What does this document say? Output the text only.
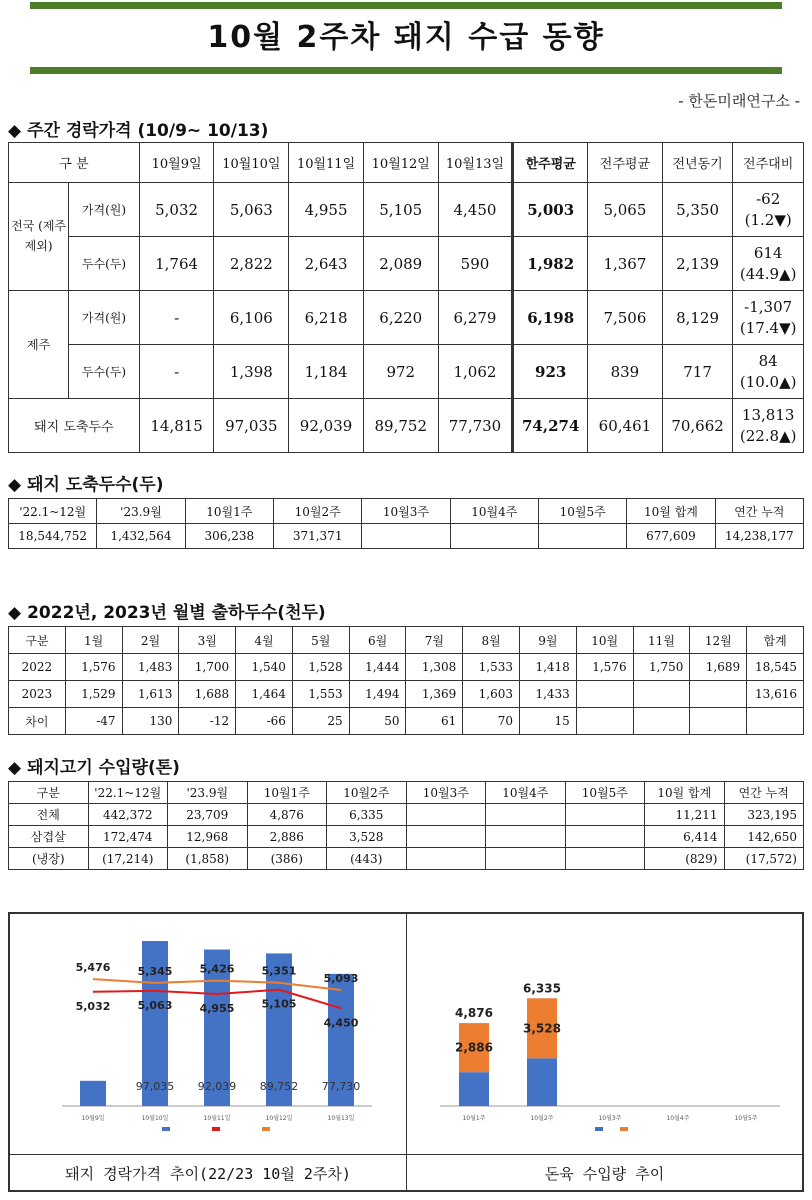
10월 2주차 돼지 수급 동향
- 한돈미래연구소 -
◆ 주간 경락가격 (10/9~ 10/13)
구 분		10월9일	10월10일	10월11일	10월12일	10월13일	한주평균	전주평균	전년동기	전주대비
전국 (제주 제외)	가격(원)	5,032	5,063	4,955	5,105	4,450	5,003	5,065	5,350	-62
(1.2▼)

	두수(두)	1,764	2,822	2,643	2,089	590	1,982	1,367	2,139	614
(44.9▲)

제주	가격(원)	-	6,106	6,218	6,220	6,279	6,198	7,506	8,129	-1,307
(17.4▼)

	두수(두)	-	1,398	1,184	972	1,062	923	839	717	84
(10.0▲)

돼지 도축두수		14,815	97,035	92,039	89,752	77,730	74,274	60,461	70,662	13,813
(22.8▲)
◆ 돼지 도축두수(두)
'22.1~12월	'23.9월	10월1주	10월2주	10월3주	10월4주	10월5주	10월 합계	연간 누적
18,544,752	1,432,564	306,238	371,371				677,609	14,238,177
◆ 2022년, 2023년 월별 출하두수(천두)
구분	1월	2월	3월	4월	5월	6월	7월	8월	9월	10월	11월	12월	합계
2022	1,576	1,483	1,700	1,540	1,528	1,444	1,308	1,533	1,418	1,576	1,750	1,689	18,545
2023	1,529	1,613	1,688	1,464	1,553	1,494	1,369	1,603	1,433				13,616
차이	-47	130	-12	-66	25	50	61	70	15				
◆ 돼지고기 수입량(톤)
구분	'22.1~12월	'23.9월	10월1주	10월2주	10월3주	10월4주	10월5주	10월 합계	연간 누적
전체	442,372	23,709	4,876	6,335				11,211	323,195
삼겹살	172,474	12,968	2,886	3,528				6,414	142,650
(냉장)	(17,214)	(1,858)	(386)	(443)				(829)	(17,572)
10월9일
97,035
10월10일
92,039
10월11일
89,752
10월12일
77,730
10월13일
5,476 5,345 5,426 5,351
5,093
5,032 5,063 4,955 5,105
4,450
4,876
2,886
10월1주
6,335
3,528
10월2주	10월3주	10월4주	10월5주
돼지 경락가격 추이(22/23 10월 2주차)	돈육 수입량 추이
